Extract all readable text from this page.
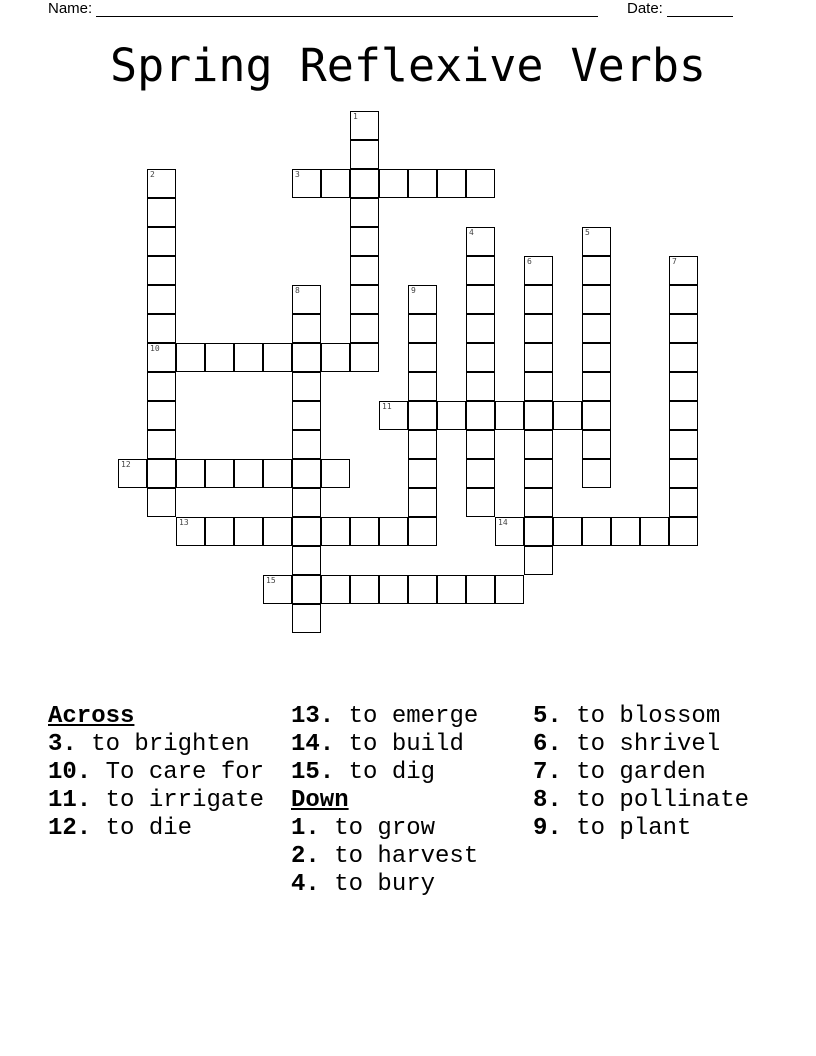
Name:	Date:
Spring Reflexive Verbs
1
2
10
3
4	5
6	7
8	9
11
12
13	14
15
Across
3. to brighten
10. To care for
11. to irrigate
12. to die
13. to emerge
14. to build
15. to dig
Down
1. to grow
2. to harvest
4. to bury
5. to blossom
6. to shrivel
7. to garden
8. to pollinate
9. to plant
